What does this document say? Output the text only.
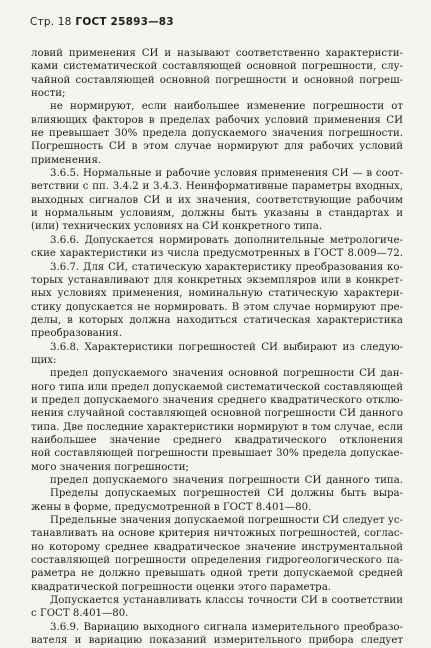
Стр. 18 ГОСТ 25893—83
ловий применения СИ и называют соответственно характеристи-
ками систематической составляющей основной погрешности, слу-
чайной составляющей основной погрешности и основной погреш-
ности;
не нормируют, если наибольшее изменение погрешности от
влияющих факторов в пределах рабочих условий применения СИ
не превышает 30% предела допускаемого значения погрешности.
Погрешность СИ в этом случае нормируют для рабочих условий
применения.
3.6.5. Нормальные и рабочие условия применения СИ — в соот-
ветствии с пп. 3.4.2 и 3.4.3. Неинформативные параметры входных,
выходных сигналов СИ и их значения, соответствующие рабочим
и нормальным условиям, должны быть указаны в стандартах и
(или) технических условиях на СИ конкретного типа.
3.6.6. Допускается нормировать дополнительные метрологиче-
ские характеристики из числа предусмотренных в ГОСТ 8.009—72.
3.6.7. Для СИ, статическую характеристику преобразования ко-
торых устанавливают для конкретных экземпляров или в конкрет-
ных условиях применения, номинальную статическую характери-
стику допускается не нормировать. В этом случае нормируют пре-
делы, в которых должна находиться статическая характеристика
преобразования.
3.6.8. Характеристики погрешностей СИ выбирают из следую-
щих:
предел допускаемого значения основной погрешности СИ дан-
ного типа или предел допускаемой систематической составляющей
и предел допускаемого значения среднего квадратического отклю-
нения случайной составляющей основной погрешности СИ данного
типа. Две последние характеристики нормируют в том случае, если
наибольшее значение среднего квадратического отклонения
ной составляющей погрешности превышает 30% предела допускае-
мого значения погрешности;
предел допускаемого значения погрешности СИ данного типа.
Пределы допускаемых погрешностей СИ должны быть выра-
жены в форме, предусмотренной в ГОСТ 8.401—80.
Предельные значения допускаемой погрешности СИ следует ус-
танавливать на основе критерия ничтожных погрешностей, соглас-
но которому среднее квадратическое значение инструментальной
составляющей погрешности определения гидрогеологического па-
раметра не должно превышать одной трети допускаемой средней
квадратической погрешности оценки этого параметра.
Допускается устанавливать классы точности СИ в соответствии
с ГОСТ 8.401—80.
3.6.9. Вариацию выходного сигнала измерительного преобразо-
вателя и вариацию показаний измерительного прибора следует
